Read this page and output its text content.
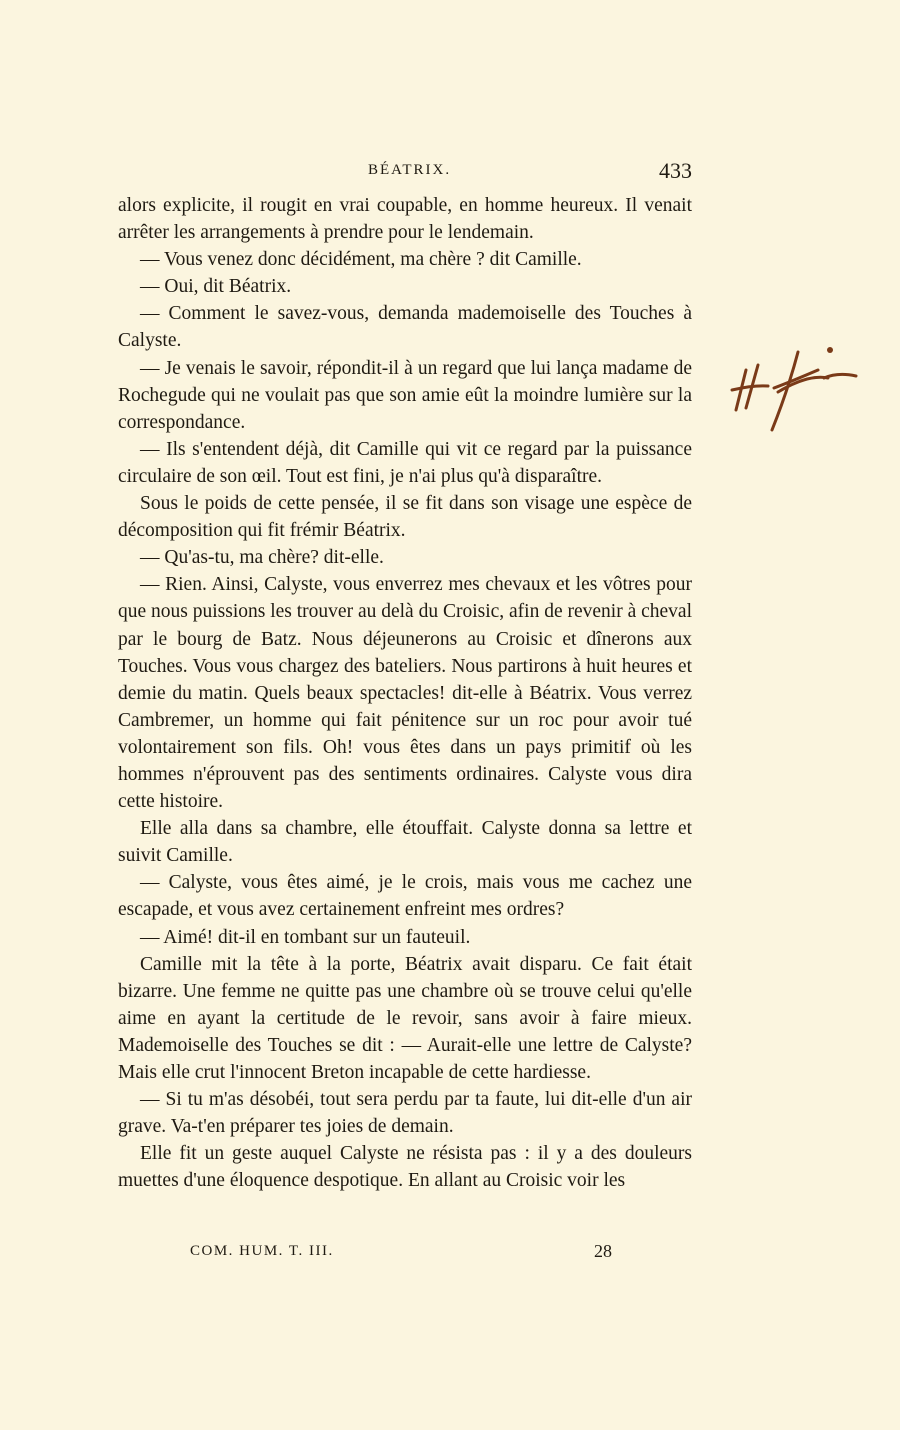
BÉATRIX.	433

alors explicite, il rougit en vrai coupable, en homme heureux. Il venait arrêter les arrangements à prendre pour le lendemain.

— Vous venez donc décidément, ma chère ? dit Camille.

— Oui, dit Béatrix.

— Comment le savez-vous, demanda mademoiselle des Touches à Calyste.

— Je venais le savoir, répondit-il à un regard que lui lança madame de Rochegude qui ne voulait pas que son amie eût la moindre lumière sur la correspondance.

— Ils s'entendent déjà, dit Camille qui vit ce regard par la puissance circulaire de son œil. Tout est fini, je n'ai plus qu'à disparaître.

Sous le poids de cette pensée, il se fit dans son visage une espèce de décomposition qui fit frémir Béatrix.

— Qu'as-tu, ma chère? dit-elle.

— Rien. Ainsi, Calyste, vous enverrez mes chevaux et les vôtres pour que nous puissions les trouver au delà du Croisic, afin de revenir à cheval par le bourg de Batz. Nous déjeunerons au Croisic et dînerons aux Touches. Vous vous chargez des bateliers. Nous partirons à huit heures et demie du matin. Quels beaux spectacles! dit-elle à Béatrix. Vous verrez Cambremer, un homme qui fait pénitence sur un roc pour avoir tué volontairement son fils. Oh! vous êtes dans un pays primitif où les hommes n'éprouvent pas des sentiments ordinaires. Calyste vous dira cette histoire.

Elle alla dans sa chambre, elle étouffait. Calyste donna sa lettre et suivit Camille.

— Calyste, vous êtes aimé, je le crois, mais vous me cachez une escapade, et vous avez certainement enfreint mes ordres?

— Aimé! dit-il en tombant sur un fauteuil.

Camille mit la tête à la porte, Béatrix avait disparu. Ce fait était bizarre. Une femme ne quitte pas une chambre où se trouve celui qu'elle aime en ayant la certitude de le revoir, sans avoir à faire mieux. Mademoiselle des Touches se dit : — Aurait-elle une lettre de Calyste? Mais elle crut l'innocent Breton incapable de cette hardiesse.

— Si tu m'as désobéi, tout sera perdu par ta faute, lui dit-elle d'un air grave. Va-t'en préparer tes joies de demain.

Elle fit un geste auquel Calyste ne résista pas : il y a des douleurs muettes d'une éloquence despotique. En allant au Croisic voir les

COM. HUM. T. III.	28
